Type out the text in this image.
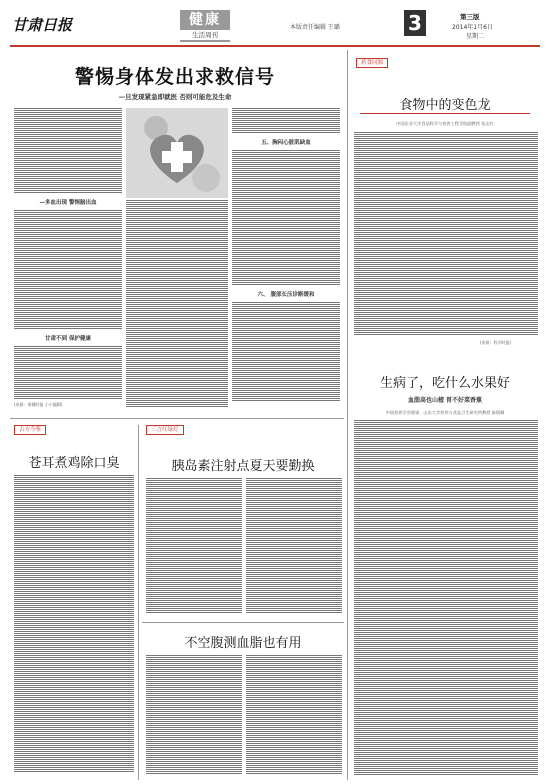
甘肃日报	健康
生活周刊
本版责任编辑 王璐	3	第三版
2014年1月6日
星期二
警惕身体发出求救信号
—旦发现紧急即就医 否则可能危及生命
—多血出现 警惕脑出血
甘肃不到 保护健康
(来源：保健时报 小小编辑)
五、胸闷心脏肌缺血
六、 腹部长压诊断缓和
药食同源
食物中的变色龙
中国农业大学食品科学与营养工程学院副教授 张志红
(来源：科学时报)
生病了，吃什么水果好
血脂高也山楂 胃不好菜香蕉
中国营养学会理事、山东大学营养与食品卫生研究所教授 陈炳卿
古方今鉴
苍耳煮鸡除口臭
三言红绿灯
胰岛素注射点夏天要勤换
不空腹测血脂也有用
